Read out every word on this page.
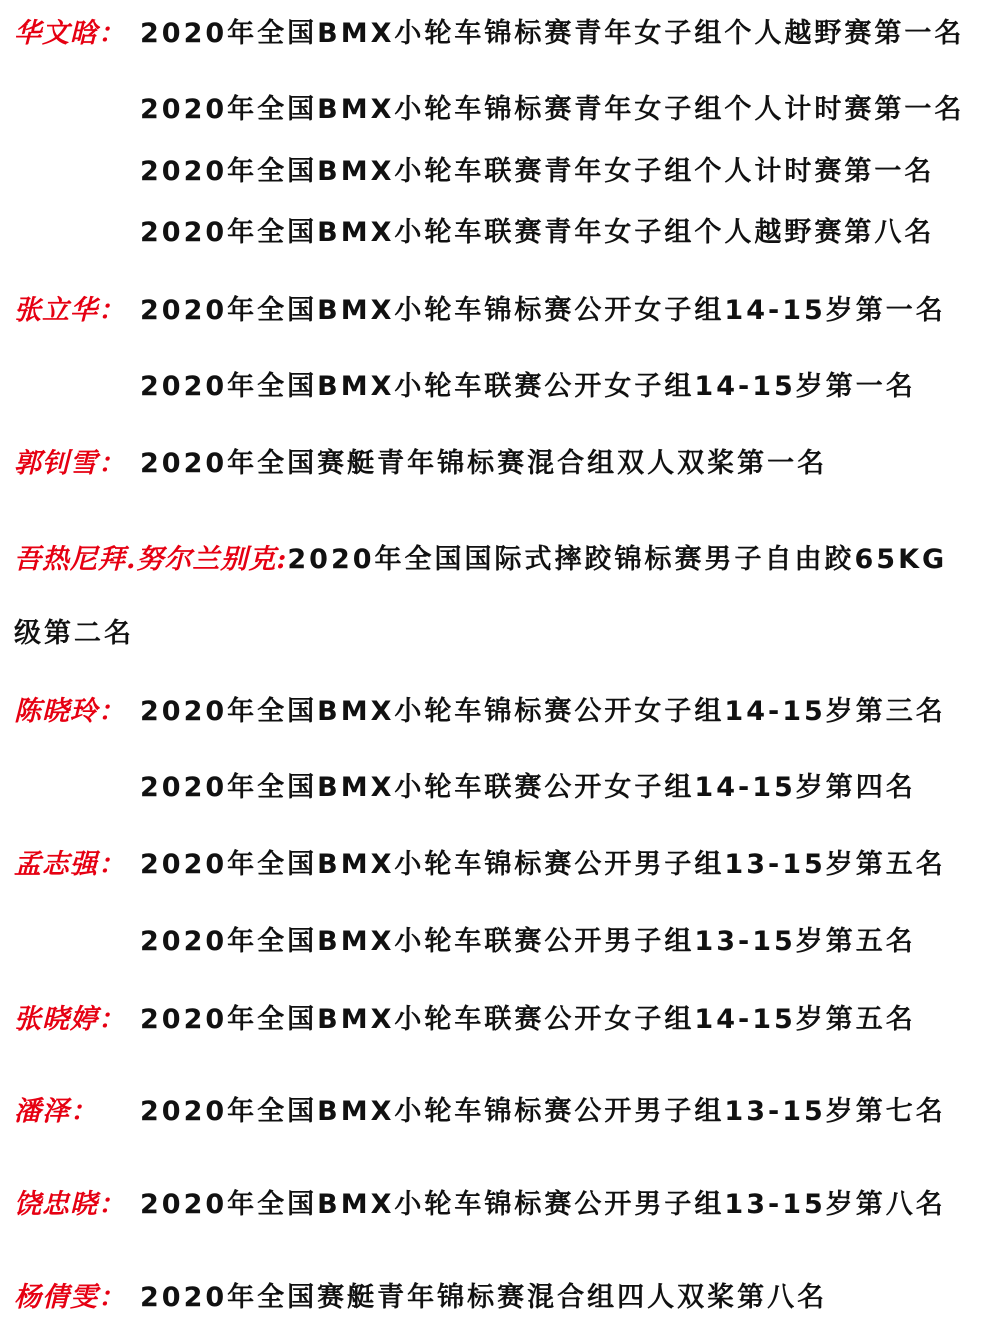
华文晗： 2020年全国BMX小轮车锦标赛青年女子组个人越野赛第一名
2020年全国BMX小轮车锦标赛青年女子组个人计时赛第一名
2020年全国BMX小轮车联赛青年女子组个人计时赛第一名
2020年全国BMX小轮车联赛青年女子组个人越野赛第八名
张立华： 2020年全国BMX小轮车锦标赛公开女子组14-15岁第一名
2020年全国BMX小轮车联赛公开女子组14-15岁第一名
郭钊雪： 2020年全国赛艇青年锦标赛混合组双人双桨第一名
吾热尼拜.努尔兰别克:2020年全国国际式摔跤锦标赛男子自由跤65KG
级第二名
陈晓玲： 2020年全国BMX小轮车锦标赛公开女子组14-15岁第三名
2020年全国BMX小轮车联赛公开女子组14-15岁第四名
孟志强： 2020年全国BMX小轮车锦标赛公开男子组13-15岁第五名
2020年全国BMX小轮车联赛公开男子组13-15岁第五名
张晓婷： 2020年全国BMX小轮车联赛公开女子组14-15岁第五名
潘泽： 2020年全国BMX小轮车锦标赛公开男子组13-15岁第七名
饶忠晓： 2020年全国BMX小轮车锦标赛公开男子组13-15岁第八名
杨倩雯： 2020年全国赛艇青年锦标赛混合组四人双桨第八名
